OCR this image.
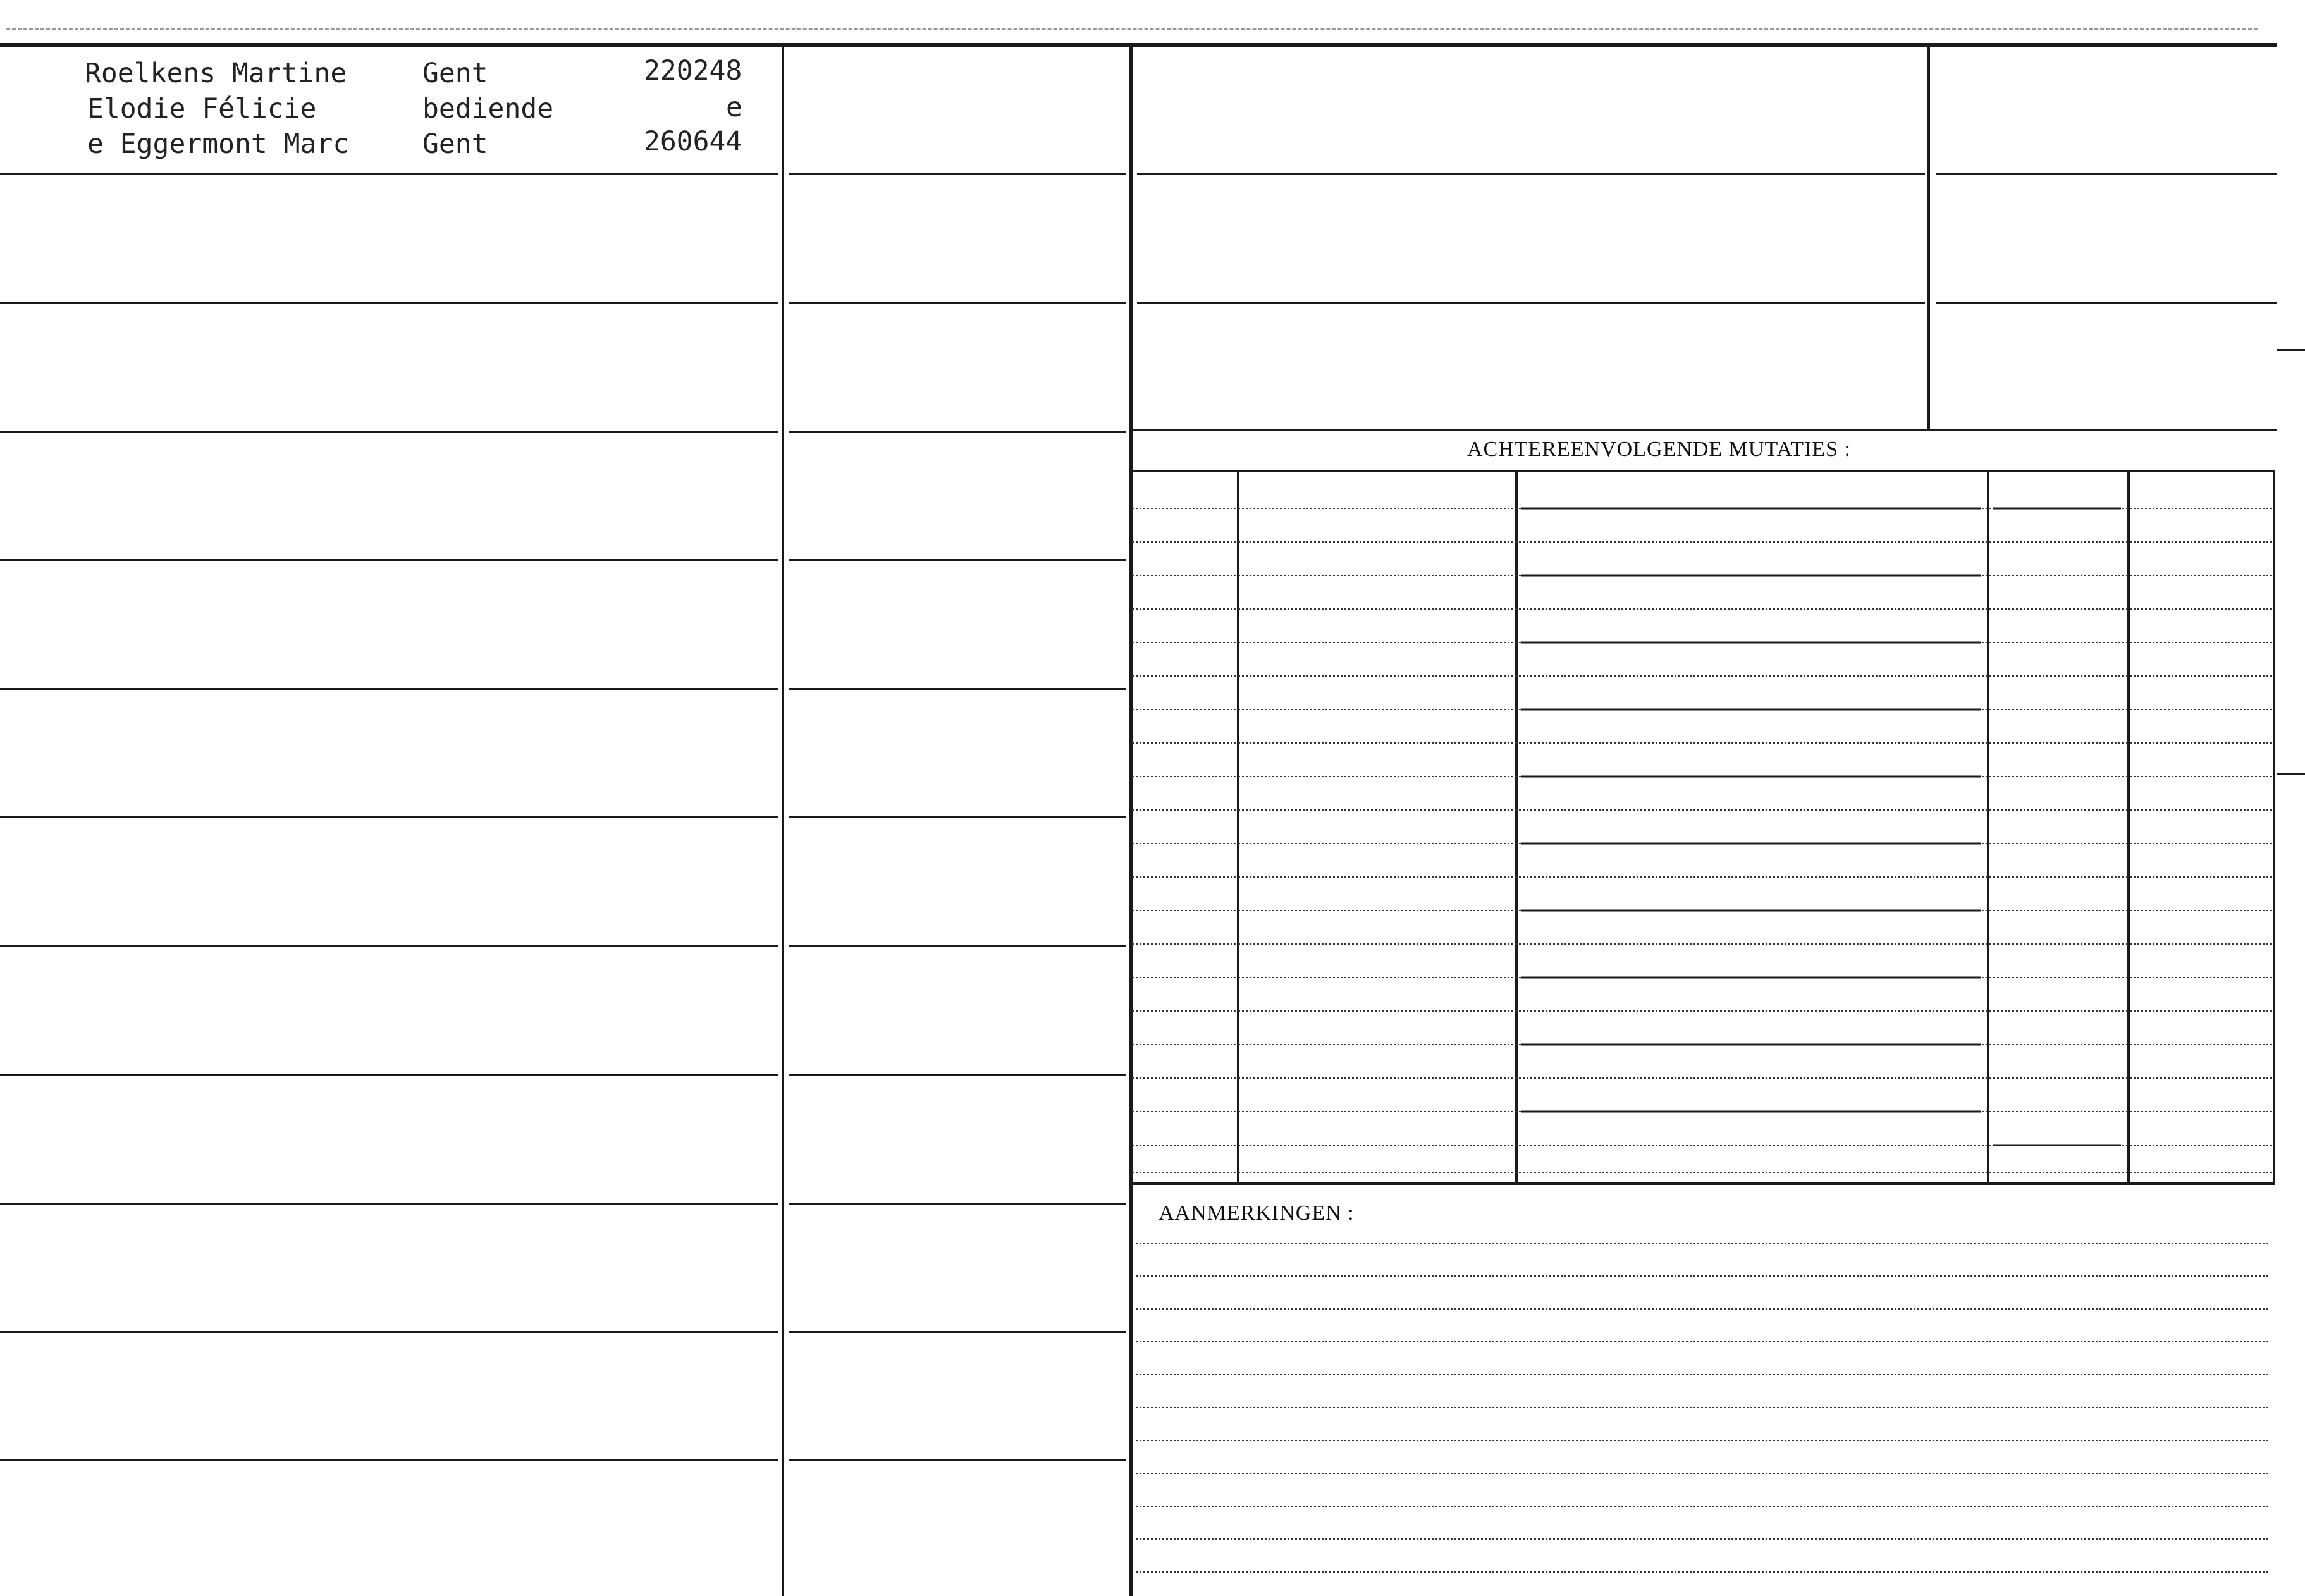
Roelkens Martine
Elodie Félicie
e Eggermont Marc
Gent
bediende
Gent
220248
e
260644
ACHTEREENVOLGENDE MUTATIES :
AANMERKINGEN :
